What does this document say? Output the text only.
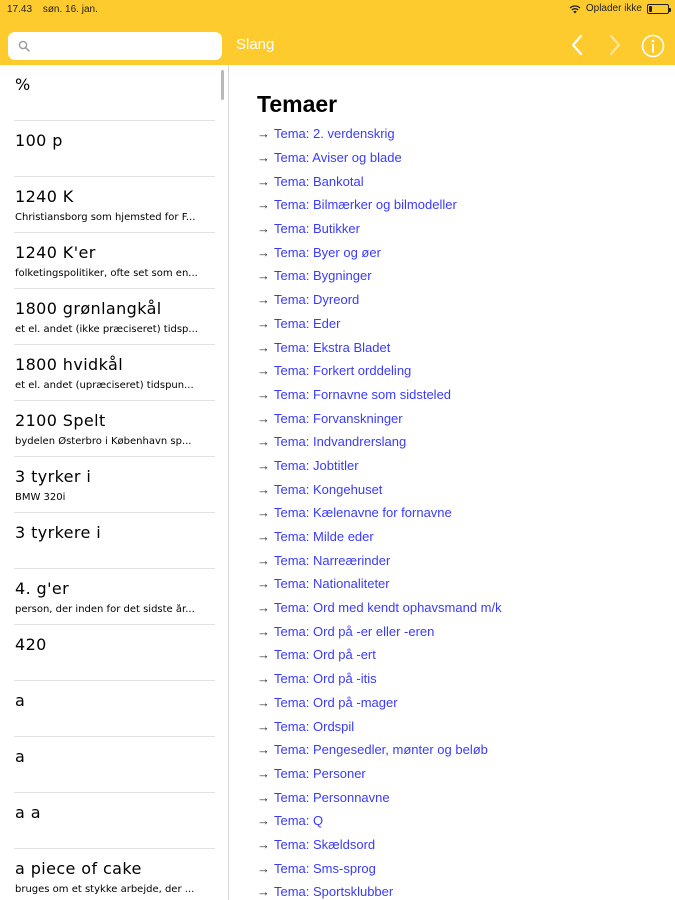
17.43 søn. 16. jan.	Oplader ikke
Slang
%
100 p
1240 K
Christiansborg som hjemsted for F...
1240 K'er
folketingspolitiker, ofte set som en...
1800 grønlangkål
et el. andet (ikke præciseret) tidsp...
1800 hvidkål
et el. andet (upræciseret) tidspun...
2100 Spelt
bydelen Østerbro i København sp...
3 tyrker i
BMW 320i
3 tyrkere i
4. g'er
person, der inden for det sidste år...
420
a
a
a a
a piece of cake
bruges om et stykke arbejde, der ...
Temaer
→ Tema: 2. verdenskrig
→ Tema: Aviser og blade
→ Tema: Bankotal
→ Tema: Bilmærker og bilmodeller
→ Tema: Butikker
→ Tema: Byer og øer
→ Tema: Bygninger
→ Tema: Dyreord
→ Tema: Eder
→ Tema: Ekstra Bladet
→ Tema: Forkert orddeling
→ Tema: Fornavne som sidsteled
→ Tema: Forvanskninger
→ Tema: Indvandrerslang
→ Tema: Jobtitler
→ Tema: Kongehuset
→ Tema: Kælenavne for fornavne
→ Tema: Milde eder
→ Tema: Narreærinder
→ Tema: Nationaliteter
→ Tema: Ord med kendt ophavsmand m/k
→ Tema: Ord på -er eller -eren
→ Tema: Ord på -ert
→ Tema: Ord på -itis
→ Tema: Ord på -mager
→ Tema: Ordspil
→ Tema: Pengesedler, mønter og beløb
→ Tema: Personer
→ Tema: Personnavne
→ Tema: Q
→ Tema: Skældsord
→ Tema: Sms-sprog
→ Tema: Sportsklubber
